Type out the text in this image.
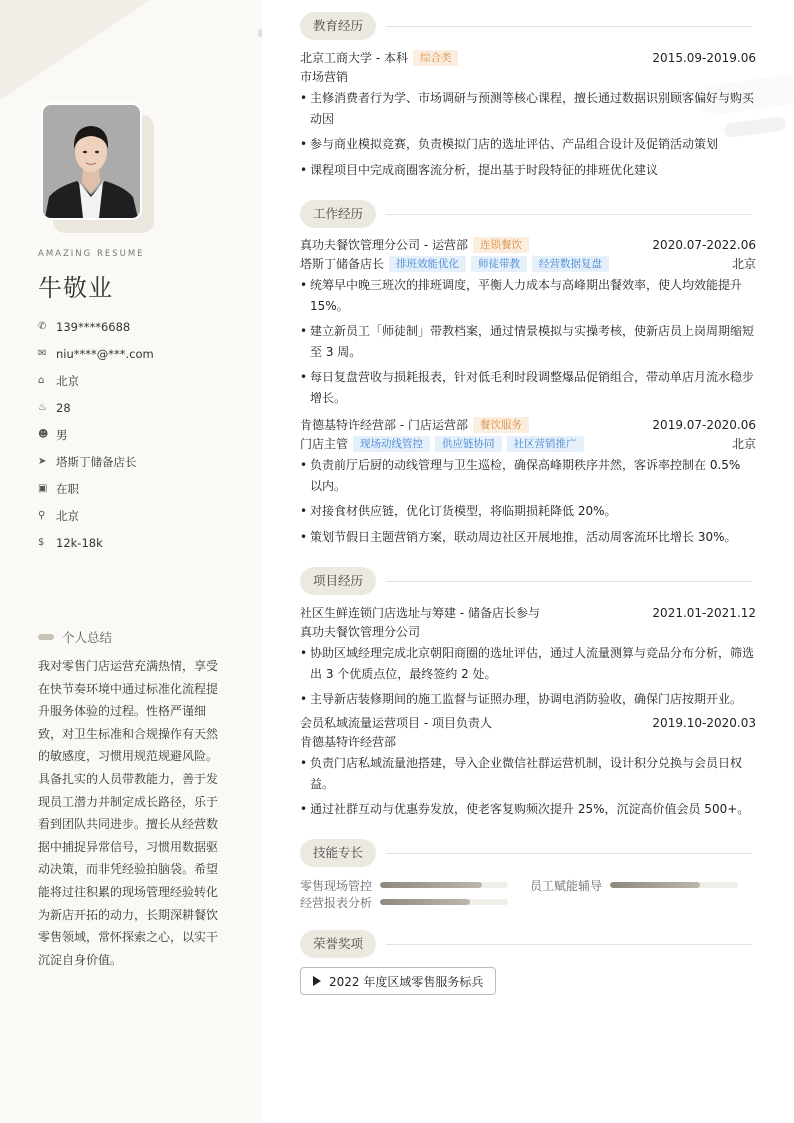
AMAZING RESUME
牛敬业
✆ 139****6688
✉ niu****@***.com
⌂	北京
♨ 28
☻ 男
➤ 塔斯丁储备店长
▣ 在职
⚲ 北京
$	12k-18k
个人总结
我对零售门店运营充满热情，享受在快节奏环境中通过标准化流程提升服务体验的过程。性格严谨细致，对卫生标准和合规操作有天然的敏感度，习惯用规范规避风险。具备扎实的人员带教能力，善于发现员工潜力并制定成长路径，乐于看到团队共同进步。擅长从经营数据中捕捉异常信号，习惯用数据驱动决策，而非凭经验拍脑袋。希望能将过往积累的现场管理经验转化为新店开拓的动力，长期深耕餐饮零售领域，常怀探索之心，以实干沉淀自身价值。
教育经历
北京工商大学 - 本科	综合类	2015.09-2019.06
市场营销
• 主修消费者行为学、市场调研与预测等核心课程，擅长通过数据识别顾客偏好与购买动因
• 参与商业模拟竞赛，负责模拟门店的选址评估、产品组合设计及促销活动策划
• 课程项目中完成商圈客流分析，提出基于时段特征的排班优化建议
工作经历
真功夫餐饮管理分公司 - 运营部	连锁餐饮	2020.07-2022.06
塔斯丁储备店长	排班效能优化	师徒带教	经营数据复盘	北京
• 统筹早中晚三班次的排班调度，平衡人力成本与高峰期出餐效率，使人均效能提升15%。
• 建立新员工「师徒制」带教档案，通过情景模拟与实操考核，使新店员上岗周期缩短至 3 周。
• 每日复盘营收与损耗报表，针对低毛利时段调整爆品促销组合，带动单店月流水稳步增长。
肯德基特许经营部 - 门店运营部	餐饮服务	2019.07-2020.06
门店主管	现场动线管控	供应链协同	社区营销推广	北京
• 负责前厅后厨的动线管理与卫生巡检，确保高峰期秩序井然，客诉率控制在 0.5% 以内。
• 对接食材供应链，优化订货模型，将临期损耗降低 20%。
• 策划节假日主题营销方案，联动周边社区开展地推，活动周客流环比增长 30%。
项目经历
社区生鲜连锁门店选址与筹建 - 储备店长参与	2021.01-2021.12
真功夫餐饮管理分公司
• 协助区域经理完成北京朝阳商圈的选址评估，通过人流量测算与竞品分布分析，筛选出 3 个优质点位，最终签约 2 处。
• 主导新店装修期间的施工监督与证照办理，协调电消防验收，确保门店按期开业。
会员私域流量运营项目 - 项目负责人	2019.10-2020.03
肯德基特许经营部
• 负责门店私域流量池搭建，导入企业微信社群运营机制，设计积分兑换与会员日权益。
• 通过社群互动与优惠券发放，使老客复购频次提升 25%，沉淀高价值会员 500+。
技能专长
零售现场管控	员工赋能辅导
经营报表分析
荣誉奖项
2022 年度区域零售服务标兵
